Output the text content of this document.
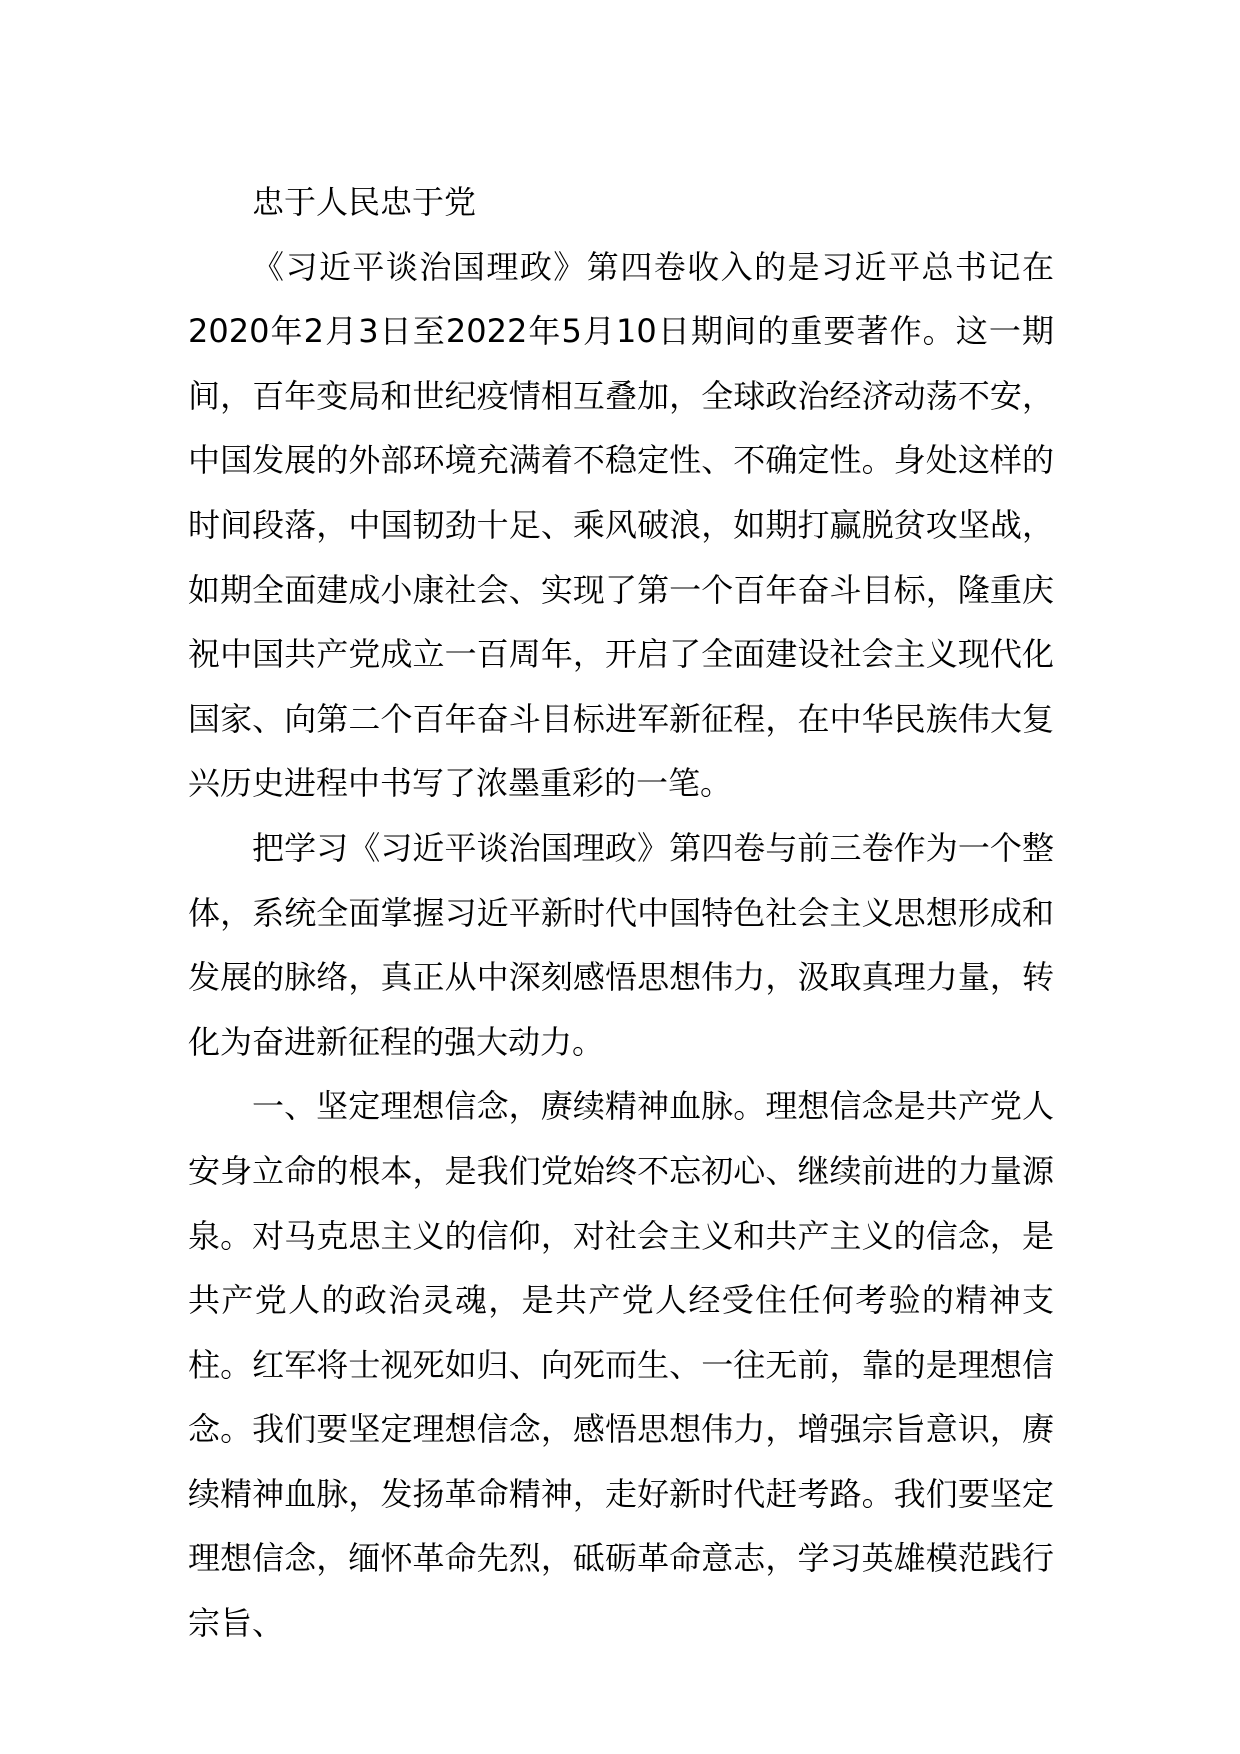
忠于人民忠于党

《习近平谈治国理政》第四卷收入的是习近平总书记在2020年2月3日至2022年5月10日期间的重要著作。这一期间，百年变局和世纪疫情相互叠加，全球政治经济动荡不安，中国发展的外部环境充满着不稳定性、不确定性。身处这样的时间段落，中国韧劲十足、乘风破浪，如期打赢脱贫攻坚战，如期全面建成小康社会、实现了第一个百年奋斗目标，隆重庆祝中国共产党成立一百周年，开启了全面建设社会主义现代化国家、向第二个百年奋斗目标进军新征程，在中华民族伟大复兴历史进程中书写了浓墨重彩的一笔。

把学习《习近平谈治国理政》第四卷与前三卷作为一个整体，系统全面掌握习近平新时代中国特色社会主义思想形成和发展的脉络，真正从中深刻感悟思想伟力，汲取真理力量，转化为奋进新征程的强大动力。

一、坚定理想信念，赓续精神血脉。理想信念是共产党人安身立命的根本，是我们党始终不忘初心、继续前进的力量源泉。对马克思主义的信仰，对社会主义和共产主义的信念，是共产党人的政治灵魂，是共产党人经受住任何考验的精神支柱。红军将士视死如归、向死而生、一往无前，靠的是理想信念。我们要坚定理想信念，感悟思想伟力，增强宗旨意识，赓续精神血脉，发扬革命精神，走好新时代赶考路。我们要坚定理想信念，缅怀革命先烈，砥砺革命意志，学习英雄模范践行宗旨、
